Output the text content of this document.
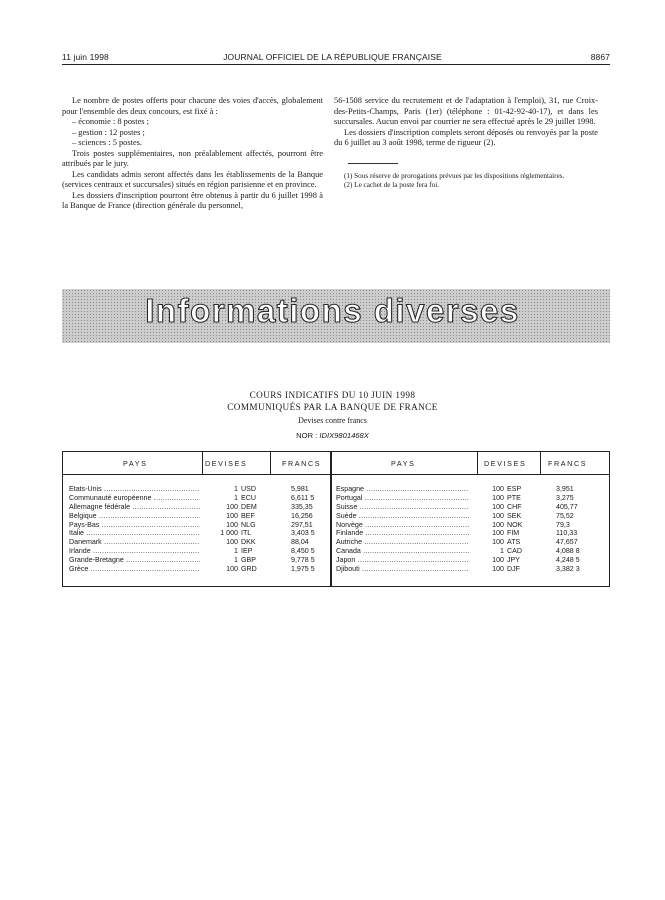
11 juin 1998	JOURNAL OFFICIEL DE LA RÉPUBLIQUE FRANÇAISE	8867

Le nombre de postes offerts pour chacune des voies d'accès, globalement pour l'ensemble des deux concours, est fixé à :

– économie : 8 postes ;

– gestion : 12 postes ;

– sciences : 5 postes.

Trois postes supplémentaires, non préalablement affectés, pourront être attribués par le jury.

Les candidats admis seront affectés dans les établissements de la Banque (services centraux et succursales) situés en région parisienne et en province.

Les dossiers d'inscription pourront être obtenus à partir du 6 juillet 1998 à la Banque de France (direction générale du personnel,

56-1508 service du recrutement et de l'adaptation à l'emploi), 31, rue Croix-des-Petits-Champs, Paris (1er) (téléphone : 01-42-92-40-17), et dans les succursales. Aucun envoi par courrier ne sera effectué après le 29 juillet 1998.

Les dossiers d'inscription complets seront déposés ou renvoyés par la poste du 6 juillet au 3 août 1998, terme de rigueur (2).

(1) Sous réserve de prorogations prévues par les dispositions réglementaires.

(2) Le cachet de la poste fera foi.

Informations diverses
COURS INDICATIFS DU 10 JUIN 1998
COMMUNIQUÉS PAR LA BANQUE DE FRANCE
Devises contre francs
NOR : IDIX9801468X
PAYS	DEVISES	FRANCS	PAYS	DEVISES	FRANCS
Etats-Unis .....	1 USD	5,981
Communauté européenne .....	1 ECU	6,611 5
Allemagne fédérale .....	100 DEM	335,35
Belgique .....	100 BEF	16,256
Pays-Bas .....	100 NLG	297,51
Italie .....	1 000 ITL	3,403 5
Danemark .....	100 DKK	88,04
Irlande .....	1 IEP	8,450 5
Grande-Bretagne .....	1 GBP	9,778 5
Grèce .....	100 GRD	1,975 5
Espagne .....	100 ESP	3,951
Portugal .....	100 PTE	3,275
Suisse .....	100 CHF	405,77
Suède .....	100 SEK	75,52
Norvège .....	100 NOK	79,3
Finlande .....	100 FIM	110,33
Autriche .....	100 ATS	47,657
Canada .....	1 CAD	4,088 8
Japon .....	100 JPY	4,248 5
Djibouti .....	100 DJF	3,382 3
